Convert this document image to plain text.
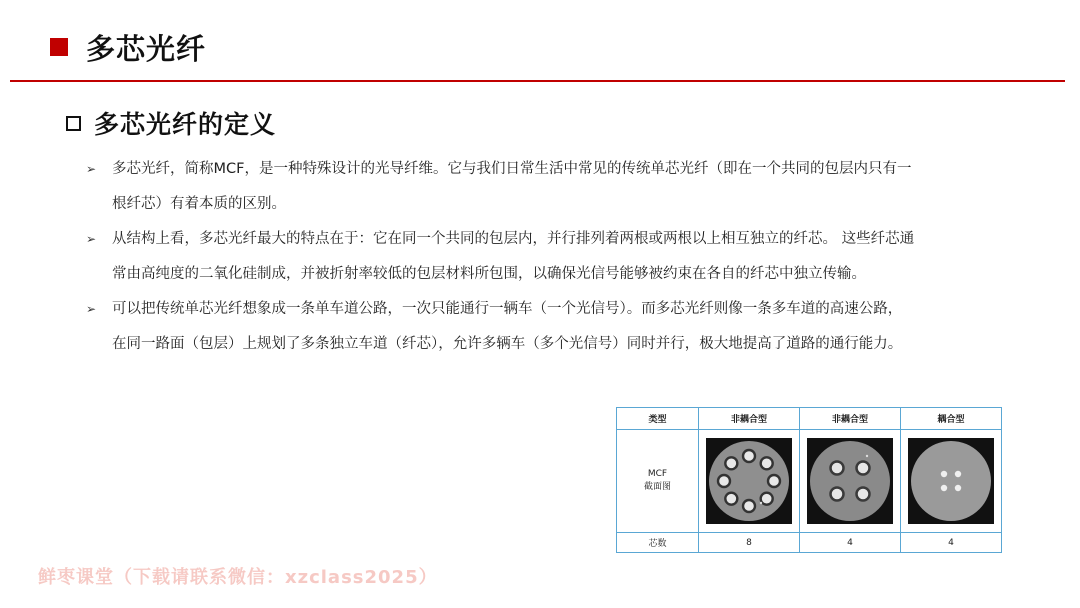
多芯光纤
多芯光纤的定义
➢ 多芯光纤，简称MCF，是一种特殊设计的光导纤维。它与我们日常生活中常见的传统单芯光纤（即在一个共同的包层内只有一
根纤芯）有着本质的区别。
➢ 从结构上看，多芯光纤最大的特点在于：它在同一个共同的包层内，并行排列着两根或两根以上相互独立的纤芯。 这些纤芯通
常由高纯度的二氧化硅制成，并被折射率较低的包层材料所包围，以确保光信号能够被约束在各自的纤芯中独立传输。
➢ 可以把传统单芯光纤想象成一条单车道公路，一次只能通行一辆车（一个光信号）。而多芯光纤则像一条多车道的高速公路，
在同一路面（包层）上规划了多条独立车道（纤芯），允许多辆车（多个光信号）同时并行，极大地提高了道路的通行能力。
类型	非耦合型	非耦合型	耦合型
MCF
截面图	

芯数	8	4	4
鲜枣课堂（下载请联系微信：xzclass2025）
